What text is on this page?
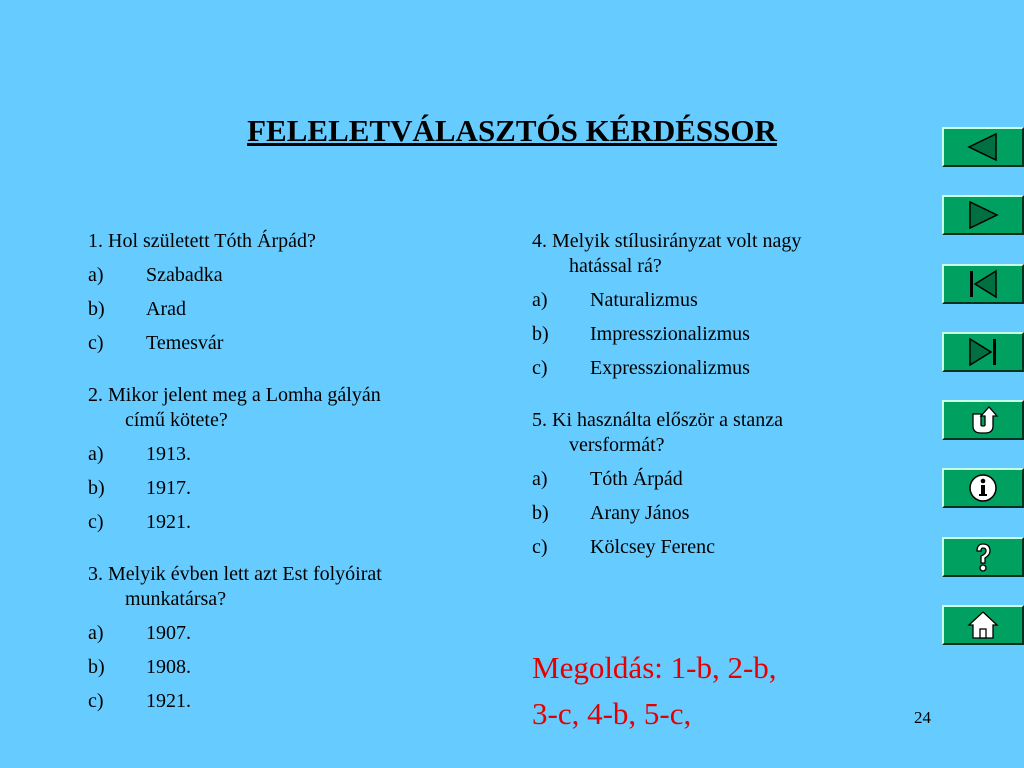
FELELETVÁLASZTÓS KÉRDÉSSOR

1. Hol született Tóth Árpád?

a)	Szabadka
b)	Arad
c)	Temesvár

2. Mikor jelent meg a Lomha gályán
című kötete?

a)	1913.
b)	1917.
c)	1921.

3. Melyik évben lett azt Est folyóirat
munkatársa?

a)	1907.
b)	1908.
c)	1921.

4. Melyik stílusirányzat volt nagy
hatással rá?

a)	Naturalizmus
b)	Impresszionalizmus
c)	Expresszionalizmus

5. Ki használta először a stanza
versformát?

a)	Tóth Árpád
b)	Arany János
c)	Kölcsey Ferenc
Megoldás: 1-b, 2-b,
3-c, 4-b, 5-c,	24
